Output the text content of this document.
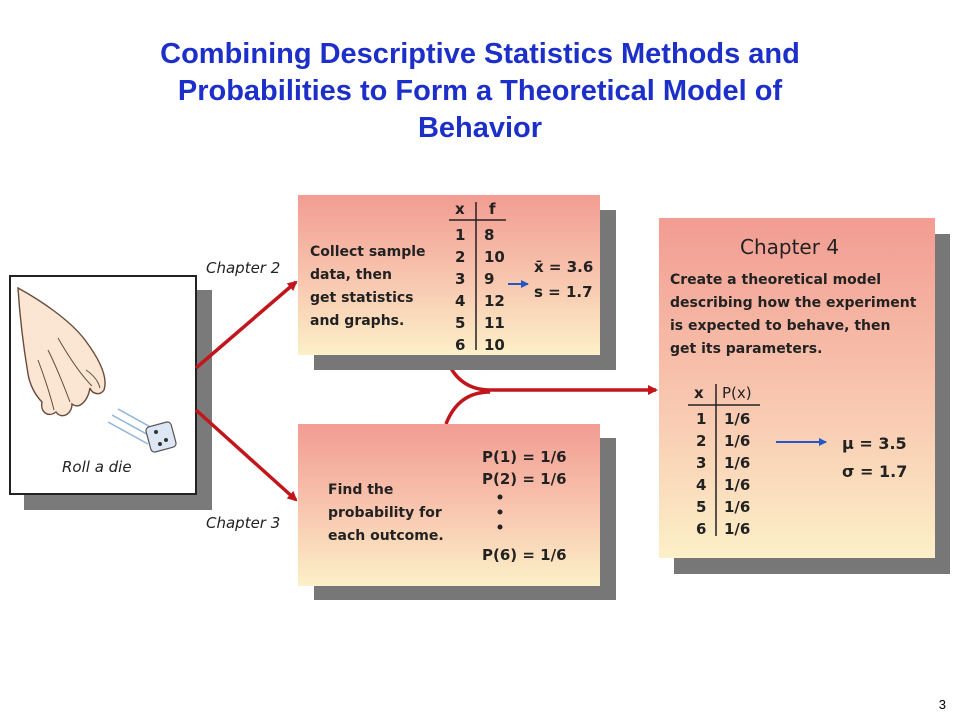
Combining Descriptive Statistics Methods and
Probabilities to Form a Theoretical Model of
Behavior
Roll a die
Chapter 2
Chapter 3
Collect sample
data, then
get statistics
and graphs.
x f
1 8
2 10
3 9
4 12
5 11
6 10
x̄ = 3.6
s = 1.7
Find the
probability for
each outcome.
P(1) = 1/6
P(2) = 1/6
P(6) = 1/6
Chapter 4
Create a theoretical model
describing how the experiment
is expected to behave, then
get its parameters.
x P(x)
1 1/6
2 1/6
3 1/6
4 1/6
5 1/6
6 1/6
μ = 3.5
σ = 1.7
3
